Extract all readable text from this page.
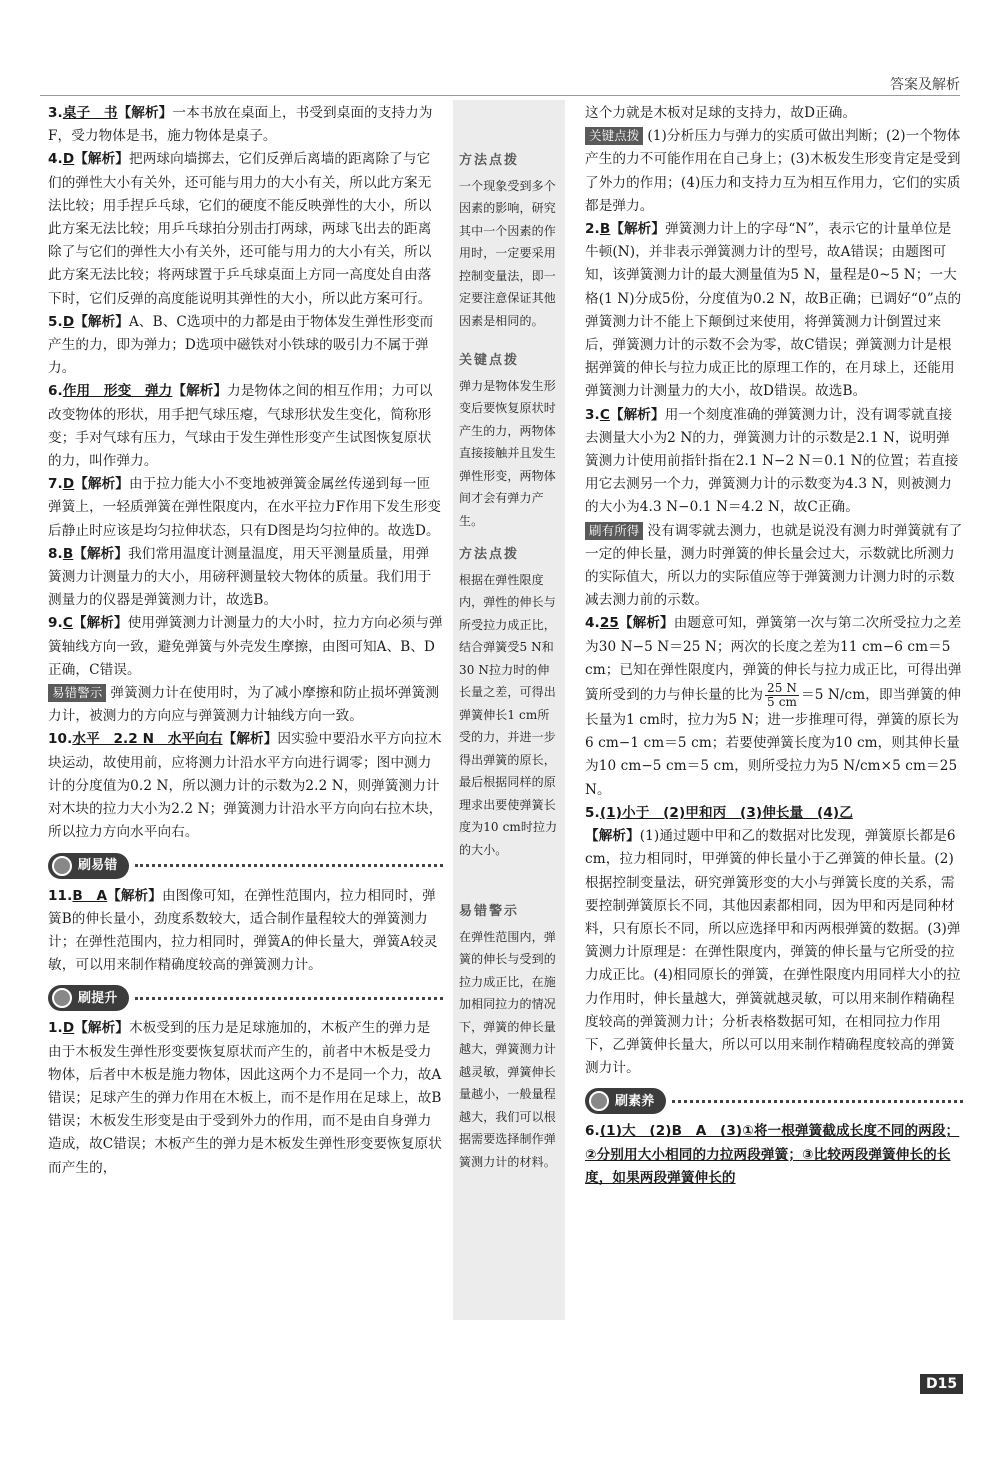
答案及解析

3.桌子　书【解析】一本书放在桌面上，书受到桌面的支持力为F，受力物体是书，施力物体是桌子。

4.D【解析】把两球向墙掷去，它们反弹后离墙的距离除了与它们的弹性大小有关外，还可能与用力的大小有关，所以此方案无法比较；用手捏乒乓球，它们的硬度不能反映弹性的大小，所以此方案无法比较；用乒乓球拍分别击打两球，两球飞出去的距离除了与它们的弹性大小有关外，还可能与用力的大小有关，所以此方案无法比较；将两球置于乒乓球桌面上方同一高度处自由落下时，它们反弹的高度能说明其弹性的大小，所以此方案可行。

5.D【解析】A、B、C选项中的力都是由于物体发生弹性形变而产生的力，即为弹力；D选项中磁铁对小铁球的吸引力不属于弹力。

6.作用　形变　弹力【解析】力是物体之间的相互作用；力可以改变物体的形状，用手把气球压瘪，气球形状发生变化，简称形变；手对气球有压力，气球由于发生弹性形变产生试图恢复原状的力，叫作弹力。

7.D【解析】由于拉力能大小不变地被弹簧金属丝传递到每一匝弹簧上，一轻质弹簧在弹性限度内，在水平拉力F作用下发生形变后静止时应该是均匀拉伸状态，只有D图是均匀拉伸的。故选D。

8.B【解析】我们常用温度计测量温度，用天平测量质量，用弹簧测力计测量力的大小，用磅秤测量较大物体的质量。我们用于测量力的仪器是弹簧测力计，故选B。

9.C【解析】使用弹簧测力计测量力的大小时，拉力方向必须与弹簧轴线方向一致，避免弹簧与外壳发生摩擦，由图可知A、B、D正确，C错误。

易错警示 弹簧测力计在使用时，为了减小摩擦和防止损坏弹簧测力计，被测力的方向应与弹簧测力计轴线方向一致。

10.水平　2.2 N　水平向右【解析】因实验中要沿水平方向拉木块运动，故使用前，应将测力计沿水平方向进行调零；图中测力计的分度值为0.2 N，所以测力计的示数为2.2 N，则弹簧测力计对木块的拉力大小为2.2 N；弹簧测力计沿水平方向向右拉木块，所以拉力方向水平向右。

刷易错

11.B　A【解析】由图像可知，在弹性范围内，拉力相同时，弹簧B的伸长量小，劲度系数较大，适合制作量程较大的弹簧测力计；在弹性范围内，拉力相同时，弹簧A的伸长量大，弹簧A较灵敏，可以用来制作精确度较高的弹簧测力计。

刷提升

1.D【解析】木板受到的压力是足球施加的，木板产生的弹力是由于木板发生弹性形变要恢复原状而产生的，前者中木板是受力物体，后者中木板是施力物体，因此这两个力不是同一个力，故A错误；足球产生的弹力作用在木板上，而不是作用在足球上，故B错误；木板发生形变是由于受到外力的作用，而不是由自身弹力造成，故C错误；木板产生的弹力是木板发生弹性形变要恢复原状而产生的，

方法点拨
一个现象受到多个因素的影响，研究其中一个因素的作用时，一定要采用控制变量法，即一定要注意保证其他因素是相同的。
关键点拨
弹力是物体发生形变后要恢复原状时产生的力，两物体直接接触并且发生弹性形变，两物体间才会有弹力产生。
方法点拨
根据在弹性限度内，弹性的伸长与所受拉力成正比，结合弹簧受5 N和30 N拉力时的伸长量之差，可得出弹簧伸长1 cm所受的力，并进一步得出弹簧的原长，最后根据同样的原理求出要使弹簧长度为10 cm时拉力的大小。
易错警示
在弹性范围内，弹簧的伸长与受到的拉力成正比，在施加相同拉力的情况下，弹簧的伸长量越大，弹簧测力计越灵敏，弹簧伸长量越小，一般量程越大，我们可以根据需要选择制作弹簧测力计的材料。

这个力就是木板对足球的支持力，故D正确。

关键点拨 (1)分析压力与弹力的实质可做出判断；(2)一个物体产生的力不可能作用在自己身上；(3)木板发生形变肯定是受到了外力的作用；(4)压力和支持力互为相互作用力，它们的实质都是弹力。

2.B【解析】弹簧测力计上的字母“N”，表示它的计量单位是牛顿(N)，并非表示弹簧测力计的型号，故A错误；由题图可知，该弹簧测力计的最大测量值为5 N，量程是0~5 N；一大格(1 N)分成5份，分度值为0.2 N，故B正确；已调好“0”点的弹簧测力计不能上下颠倒过来使用，将弹簧测力计倒置过来后，弹簧测力计的示数不会为零，故C错误；弹簧测力计是根据弹簧的伸长与拉力成正比的原理工作的，在月球上，还能用弹簧测力计测量力的大小，故D错误。故选B。

3.C【解析】用一个刻度准确的弹簧测力计，没有调零就直接去测量大小为2 N的力，弹簧测力计的示数是2.1 N，说明弹簧测力计使用前指针指在2.1 N−2 N＝0.1 N的位置；若直接用它去测另一个力，弹簧测力计的示数变为4.3 N，则被测力的大小为4.3 N−0.1 N＝4.2 N，故C正确。

刷有所得 没有调零就去测力，也就是说没有测力时弹簧就有了一定的伸长量，测力时弹簧的伸长量会过大，示数就比所测力的实际值大，所以力的实际值应等于弹簧测力计测力时的示数减去测力前的示数。

4.25【解析】由题意可知，弹簧第一次与第二次所受拉力之差为30 N−5 N＝25 N；两次的长度之差为11 cm−6 cm＝5 cm；已知在弹性限度内，弹簧的伸长与拉力成正比，可得出弹簧所受到的力与伸长量的比为 $\frac{25 N}{5 cm} =5$ N/cm，即当弹簧的伸长量为1 cm时，拉力为5 N；进一步推理可得，弹簧的原长为6 cm−1 cm＝5 cm；若要使弹簧长度为10 cm，则其伸长量为10 cm−5 cm＝5 cm，则所受拉力为5 N/cm×5 cm＝25 N。

5.(1)小于　(2)甲和丙　(3)伸长量　(4)乙
【解析】(1)通过题中甲和乙的数据对比发现，弹簧原长都是6 cm，拉力相同时，甲弹簧的伸长量小于乙弹簧的伸长量。(2)根据控制变量法，研究弹簧形变的大小与弹簧长度的关系，需要控制弹簧原长不同，其他因素都相同，因为甲和丙是同种材料，只有原长不同，所以应选择甲和丙两根弹簧的数据。(3)弹簧测力计原理是：在弹性限度内，弹簧的伸长量与它所受的拉力成正比。(4)相同原长的弹簧，在弹性限度内用同样大小的拉力作用时，伸长量越大，弹簧就越灵敏，可以用来制作精确程度较高的弹簧测力计；分析表格数据可知，在相同拉力作用下，乙弹簧伸长量大，所以可以用来制作精确程度较高的弹簧测力计。

刷素养

6.(1)大　(2)B　A　(3)①将一根弹簧截成长度不同的两段；②分别用大小相同的力拉两段弹簧；③比较两段弹簧伸长的长度，如果两段弹簧伸长的

D15
